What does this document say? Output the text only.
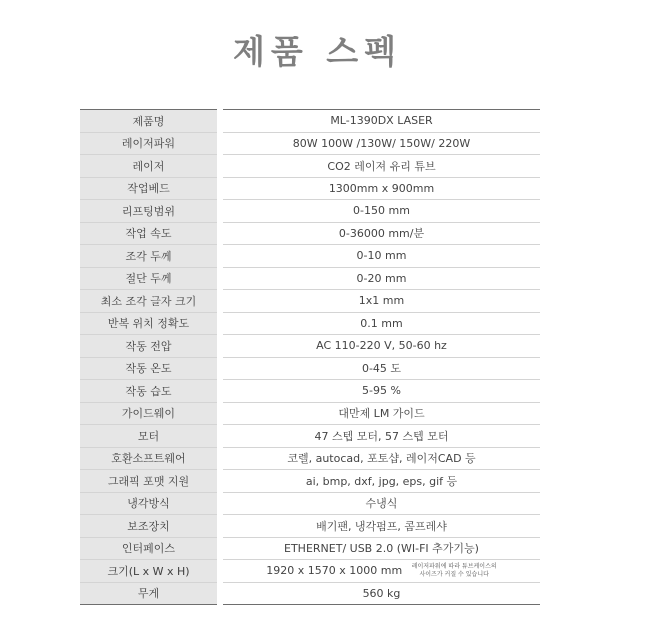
제품 스펙
제품명		ML-1390DX LASER
레이저파워		80W 100W /130W/ 150W/ 220W
레이저		CO2 레이져 유리 튜브
작업베드		1300mm x 900mm
리프팅범위		0-150 mm
작업 속도		0-36000 mm/분
조각 두께		0-10 mm
절단 두께		0-20 mm
최소 조각 글자 크기		1x1 mm
반복 위치 정확도		0.1 mm
작동 전압		AC 110-220 V, 50-60 hz
작동 온도		0-45 도
작동 습도		5-95 %
가이드웨이		대만제 LM 가이드
모터		47 스텝 모터, 57 스텝 모터
호환소프트웨어		코렐, autocad, 포토샵, 레이저CAD 등
그래픽 포맷 지원		ai, bmp, dxf, jpg, eps, gif 등
냉각방식		수냉식
보조장치		배기팬, 냉각펌프, 콤프레샤
인터페이스		ETHERNET/ USB 2.0 (WI-FI 추가기능)
크기(L x W x H)		1920 x 1570 x 1000 mm 레이저파워에 따라 튜브케이스의
사이즈가 커질 수 있습니다

무게		560 kg
